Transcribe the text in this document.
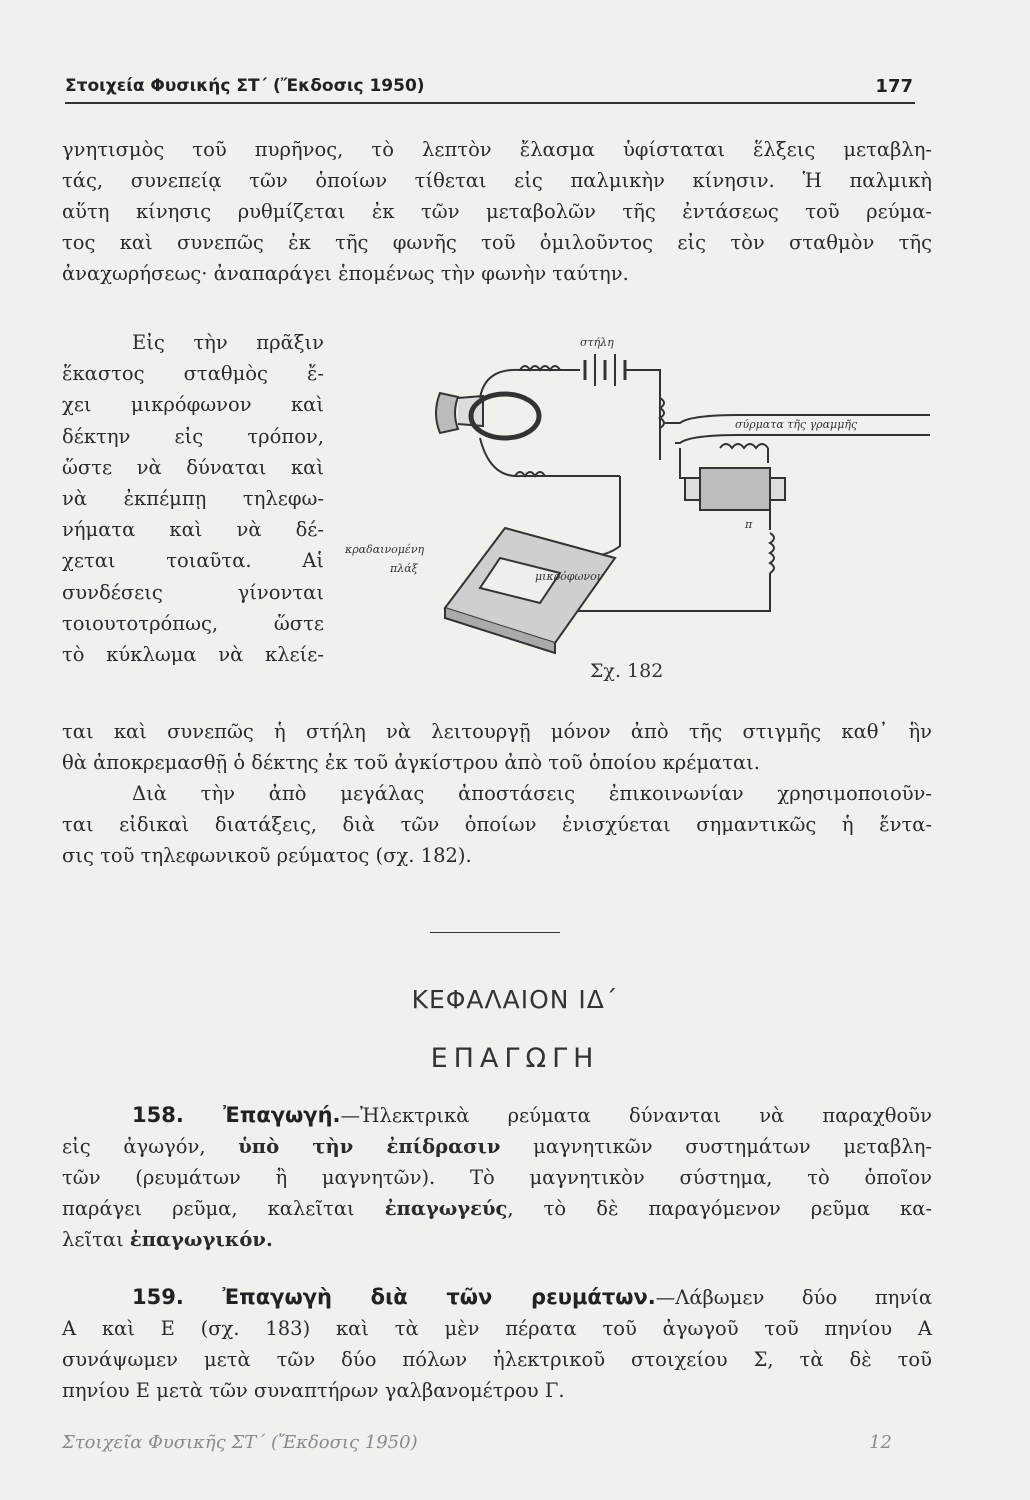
Στοιχεία Φυσικής ΣΤ΄ (Ἔκδοσις 1950)	177
γνητισμὸς τοῦ πυρῆνος, τὸ λεπτὸν ἔλασμα ὑφίσταται ἕλξεις μεταβλη-
τάς, συνεπείᾳ τῶν ὁποίων τίθεται εἰς παλμικὴν κίνησιν. Ἡ παλμικὴ
αὕτη κίνησις ρυθμίζεται ἐκ τῶν μεταβολῶν τῆς ἐντάσεως τοῦ ρεύμα-
τος καὶ συνεπῶς ἐκ τῆς φωνῆς τοῦ ὁμιλοῦντος εἰς τὸν σταθμὸν τῆς
ἀναχωρήσεως· ἀναπαράγει ἑπομένως τὴν φωνὴν ταύτην.
Εἰς τὴν πρᾶξιν
ἕκαστος σταθμὸς ἔ-
χει μικρόφωνον καὶ
δέκτην εἰς τρόπον,
ὥστε νὰ δύναται καὶ
νὰ ἐκπέμπῃ τηλεφω-
νήματα καὶ νὰ δέ-
χεται τοιαῦτα. Αἱ
συνδέσεις γίνονται
τοιουτοτρόπως, ὥστε
τὸ κύκλωμα νὰ κλείε-
στήλη
σύρματα τῆς γραμμῆς
π
κραδαινομένη
πλάξ
μικρόφωνον
Σχ. 182
ται καὶ συνεπῶς ἡ στήλη νὰ λειτουργῇ μόνον ἀπὸ τῆς στιγμῆς καθ᾽ ἣν
θὰ ἀποκρεμασθῇ ὁ δέκτης ἐκ τοῦ ἀγκίστρου ἀπὸ τοῦ ὁποίου κρέμαται.
Διὰ τὴν ἀπὸ μεγάλας ἀποστάσεις ἐπικοινωνίαν χρησιμοποιοῦν-
ται εἰδικαὶ διατάξεις, διὰ τῶν ὁποίων ἐνισχύεται σημαντικῶς ἡ ἔντα-
σις τοῦ τηλεφωνικοῦ ρεύματος (σχ. 182).
ΚΕΦΑΛΑΙΟΝ ΙΔ΄
ΕΠΑΓΩΓΗ
158. Ἐπαγωγή.—Ἠλεκτρικὰ ρεύματα δύνανται νὰ παραχθοῦν
εἰς ἀγωγόν, ὑπὸ τὴν ἐπίδρασιν μαγνητικῶν συστημάτων μεταβλη-
τῶν (ρευμάτων ἢ μαγνητῶν). Τὸ μαγνητικὸν σύστημα, τὸ ὁποῖον
παράγει ρεῦμα, καλεῖται ἐπαγωγεύς, τὸ δὲ παραγόμενον ρεῦμα κα-
λεῖται ἐπαγωγικόν.
159. Ἐπαγωγὴ διὰ τῶν ρευμάτων.—Λάβωμεν δύο πηνία
Α καὶ Ε (σχ. 183) καὶ τὰ μὲν πέρατα τοῦ ἀγωγοῦ τοῦ πηνίου Α
συνάψωμεν μετὰ τῶν δύο πόλων ἠλεκτρικοῦ στοιχείου Σ, τὰ δὲ τοῦ
πηνίου Ε μετὰ τῶν συναπτήρων γαλβανομέτρου Γ.
Στοιχεῖα Φυσικῆς ΣΤ΄ (Ἔκδοσις 1950)	12
